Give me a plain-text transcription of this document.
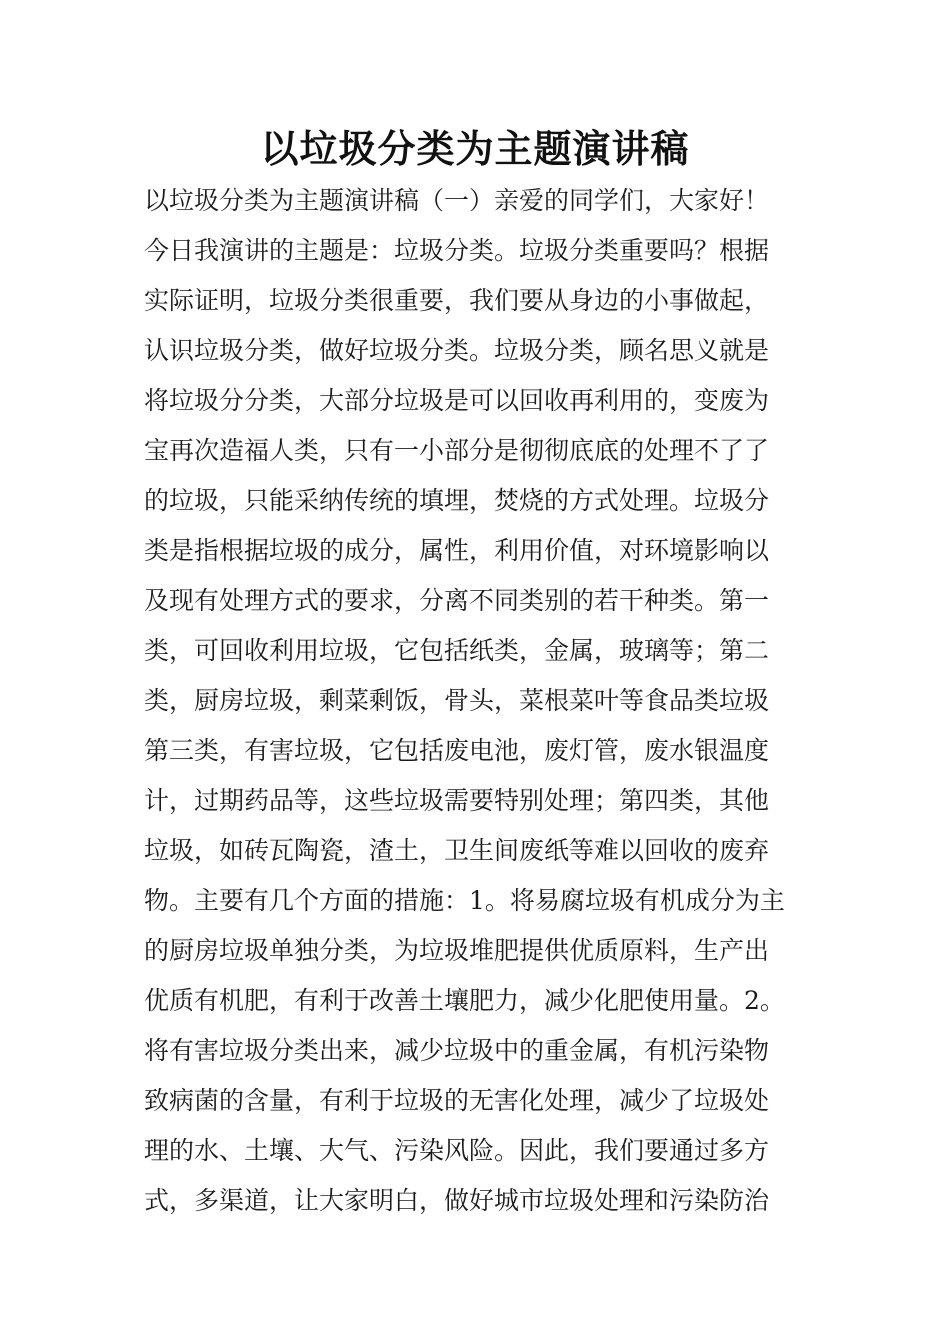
以垃圾分类为主题演讲稿
以垃圾分类为主题演讲稿（一）亲爱的同学们，大家好！
今日我演讲的主题是：垃圾分类。垃圾分类重要吗？根据
实际证明，垃圾分类很重要，我们要从身边的小事做起，
认识垃圾分类，做好垃圾分类。垃圾分类，顾名思义就是
将垃圾分分类，大部分垃圾是可以回收再利用的，变废为
宝再次造福人类，只有一小部分是彻彻底底的处理不了了
的垃圾，只能采纳传统的填埋，焚烧的方式处理。垃圾分
类是指根据垃圾的成分，属性，利用价值，对环境影响以
及现有处理方式的要求，分离不同类别的若干种类。第一
类，可回收利用垃圾，它包括纸类，金属，玻璃等；第二
类，厨房垃圾，剩菜剩饭，骨头，菜根菜叶等食品类垃圾
第三类，有害垃圾，它包括废电池，废灯管，废水银温度
计，过期药品等，这些垃圾需要特别处理；第四类，其他
垃圾，如砖瓦陶瓷，渣土，卫生间废纸等难以回收的废弃
物。主要有几个方面的措施：1。将易腐垃圾有机成分为主
的厨房垃圾单独分类，为垃圾堆肥提供优质原料，生产出
优质有机肥，有利于改善土壤肥力，减少化肥使用量。2。
将有害垃圾分类出来，减少垃圾中的重金属，有机污染物
致病菌的含量，有利于垃圾的无害化处理，减少了垃圾处
理的水、土壤、大气、污染风险。因此，我们要通过多方
式，多渠道，让大家明白，做好城市垃圾处理和污染防治
